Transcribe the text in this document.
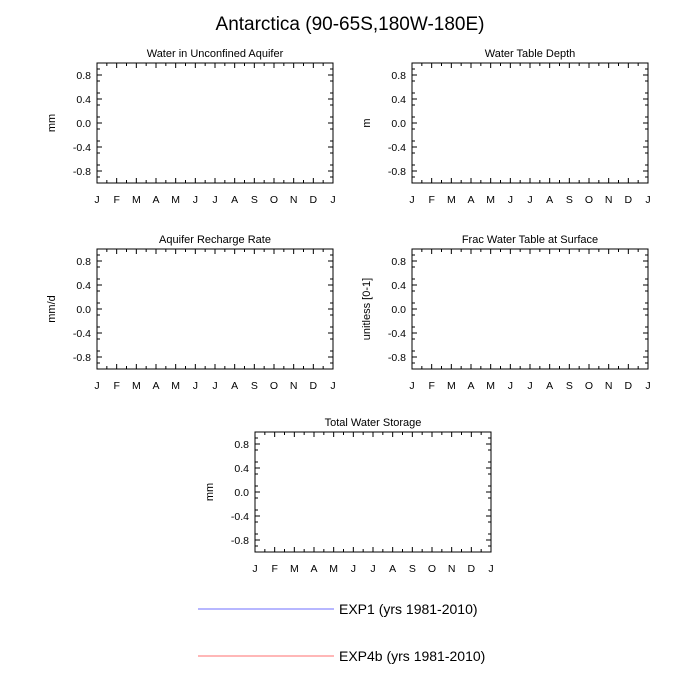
Antarctica (90-65S,180W-180E)
Water in Unconfined Aquifer
J F M A M J J A S O N D J
0.8
0.4
0.0
-0.4
-0.8
mm
Water Table Depth
J F M A M J J A S O N D J
0.8
0.4
0.0
-0.4
-0.8
m
Aquifer Recharge Rate
J F M A M J J A S O N D J
0.8
0.4
0.0
-0.4
-0.8
mm/d
Frac Water Table at Surface
J F M A M J J A S O N D J
0.8
0.4
0.0
-0.4
-0.8
unitless [0-1]
Total Water Storage
J F M A M J J A S O N D J
0.8
0.4
0.0
-0.4
-0.8
mm
EXP1 (yrs 1981-2010)
EXP4b (yrs 1981-2010)
